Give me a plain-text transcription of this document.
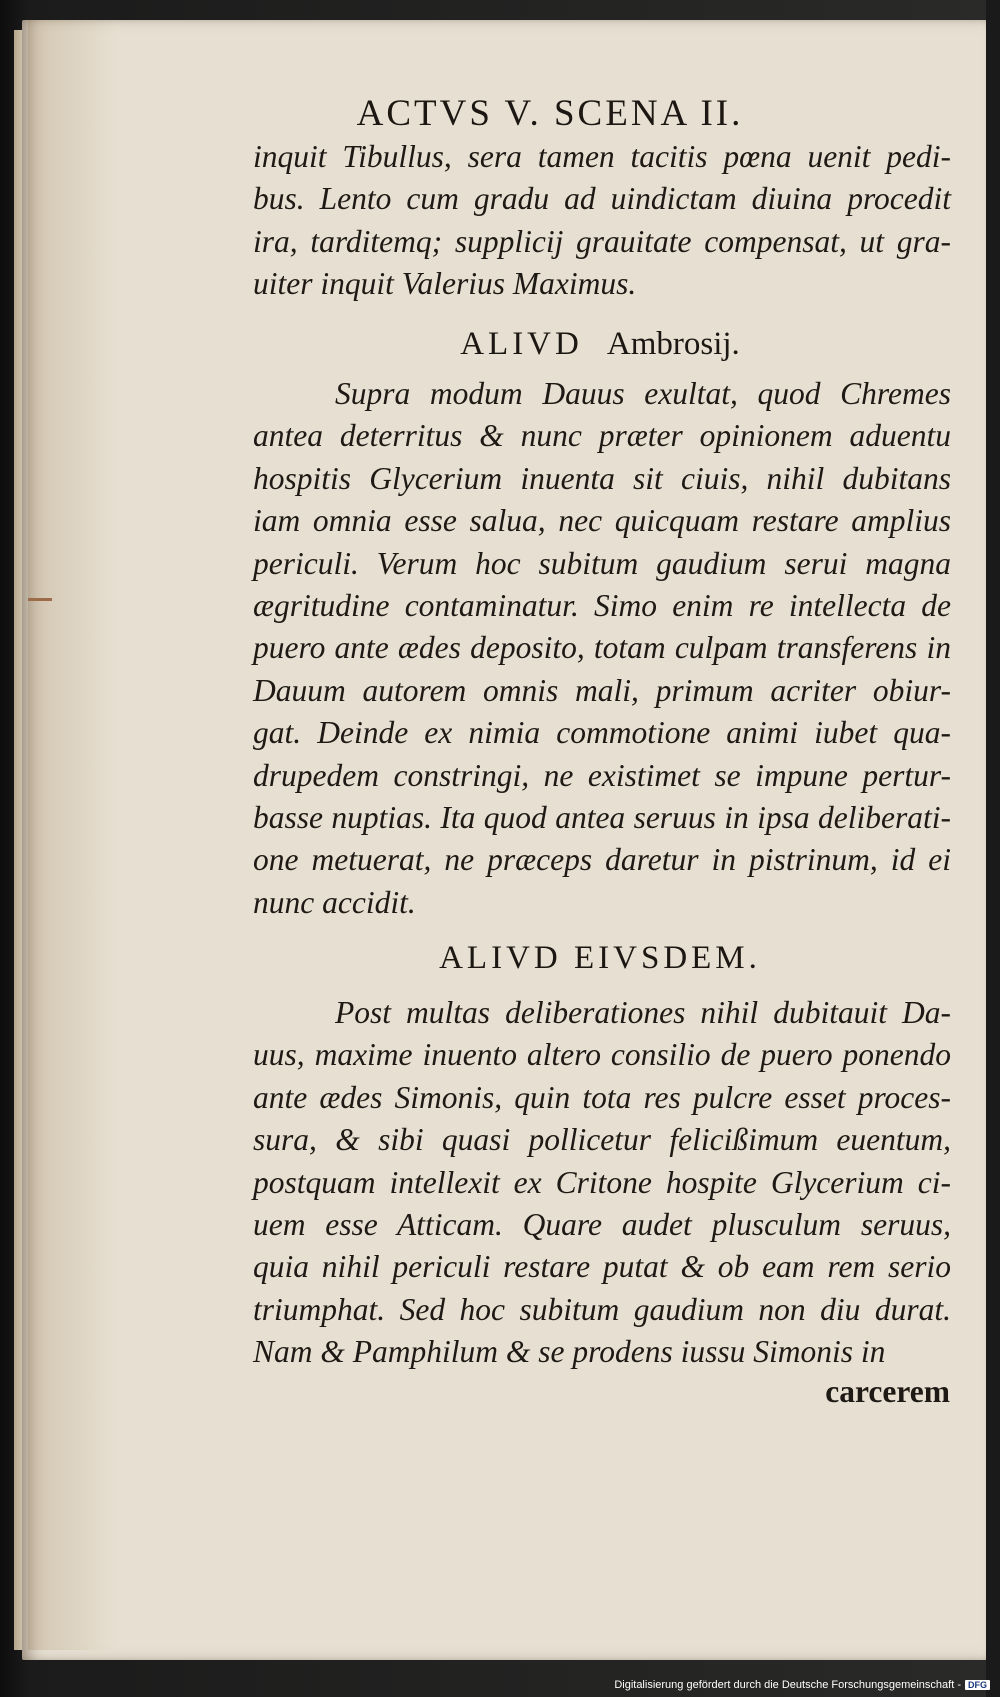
ACTVS V. SCENA II.
inquit Tibullus, sera tamen tacitis pœna uenit pedi-
bus. Lento cum gradu ad uindictam diuina procedit
ira, tarditemq; supplicij grauitate compensat, ut gra-
uiter inquit Valerius Maximus.
ALIVD Ambrosij.
Supra modum Dauus exultat, quod Chremes
antea deterritus & nunc præter opinionem aduentu
hospitis Glycerium inuenta sit ciuis, nihil dubitans
iam omnia esse salua, nec quicquam restare amplius
periculi. Verum hoc subitum gaudium serui magna
ægritudine contaminatur. Simo enim re intellecta de
puero ante ædes deposito, totam culpam transferens in
Dauum autorem omnis mali, primum acriter obiur-
gat. Deinde ex nimia commotione animi iubet qua-
drupedem constringi, ne existimet se impune pertur-
basse nuptias. Ita quod antea seruus in ipsa deliberati-
one metuerat, ne præceps daretur in pistrinum, id ei
nunc accidit.
ALIVD EIVSDEM.
Post multas deliberationes nihil dubitauit Da-
uus, maxime inuento altero consilio de puero ponendo
ante ædes Simonis, quin tota res pulcre esset proces-
sura, & sibi quasi pollicetur felicißimum euentum,
postquam intellexit ex Critone hospite Glycerium ci-
uem esse Atticam. Quare audet plusculum seruus,
quia nihil periculi restare putat & ob eam rem serio
triumphat. Sed hoc subitum gaudium non diu durat.
Nam & Pamphilum & se prodens iussu Simonis in
carcerem
Digitalisierung gefördert durch die Deutsche Forschungsgemeinschaft - DFG
